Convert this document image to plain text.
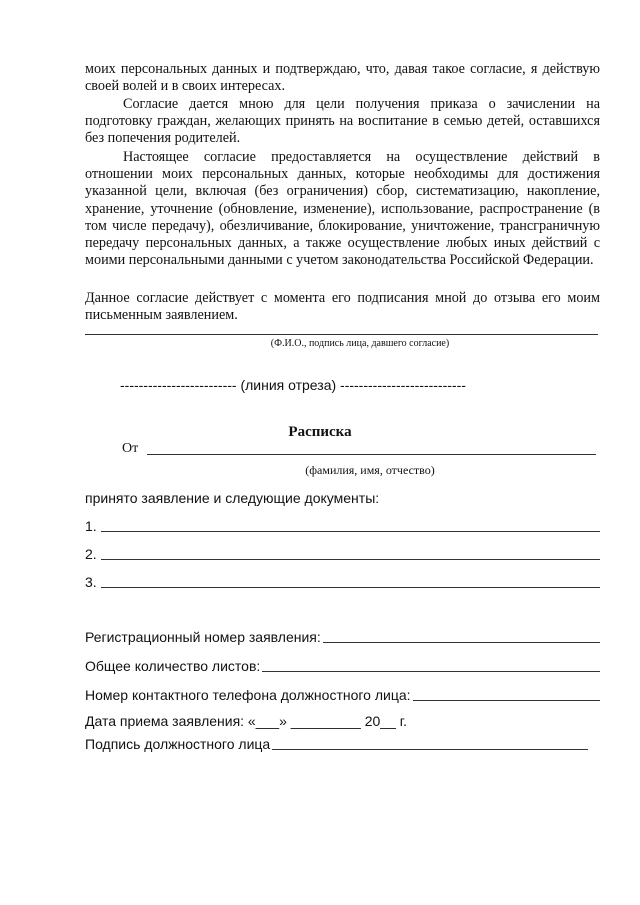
моих персональных данных и подтверждаю, что, давая такое согласие, я действую своей волей и в своих интересах.

Согласие дается мною для цели получения приказа о зачислении на подготовку граждан, желающих принять на воспитание в семью детей, оставшихся без попечения родителей.

Настоящее согласие предоставляется на осуществление действий в отношении моих персональных данных, которые необходимы для достижения указанной цели, включая (без ограничения) сбор, систематизацию, накопление, хранение, уточнение (обновление, изменение), использование, распространение (в том числе передачу), обезличивание, блокирование, уничтожение, трансграничную передачу персональных данных, а также осуществление любых иных действий с моими персональными данными с учетом законодательства Российской Федерации.

Данное согласие действует с момента его подписания мной до отзыва его моим письменным заявлением.

(Ф.И.О., подпись лица, давшего согласие)
------------------------- (линия отреза) ---------------------------
Расписка
От
(фамилия, имя, отчество)
принято заявление и следующие документы:
1.
2.
3.
Регистрационный номер заявления:
Общее количество листов:
Номер контактного телефона должностного лица:
Дата приема заявления: «___» _________ 20__ г.
Подпись должностного лица
